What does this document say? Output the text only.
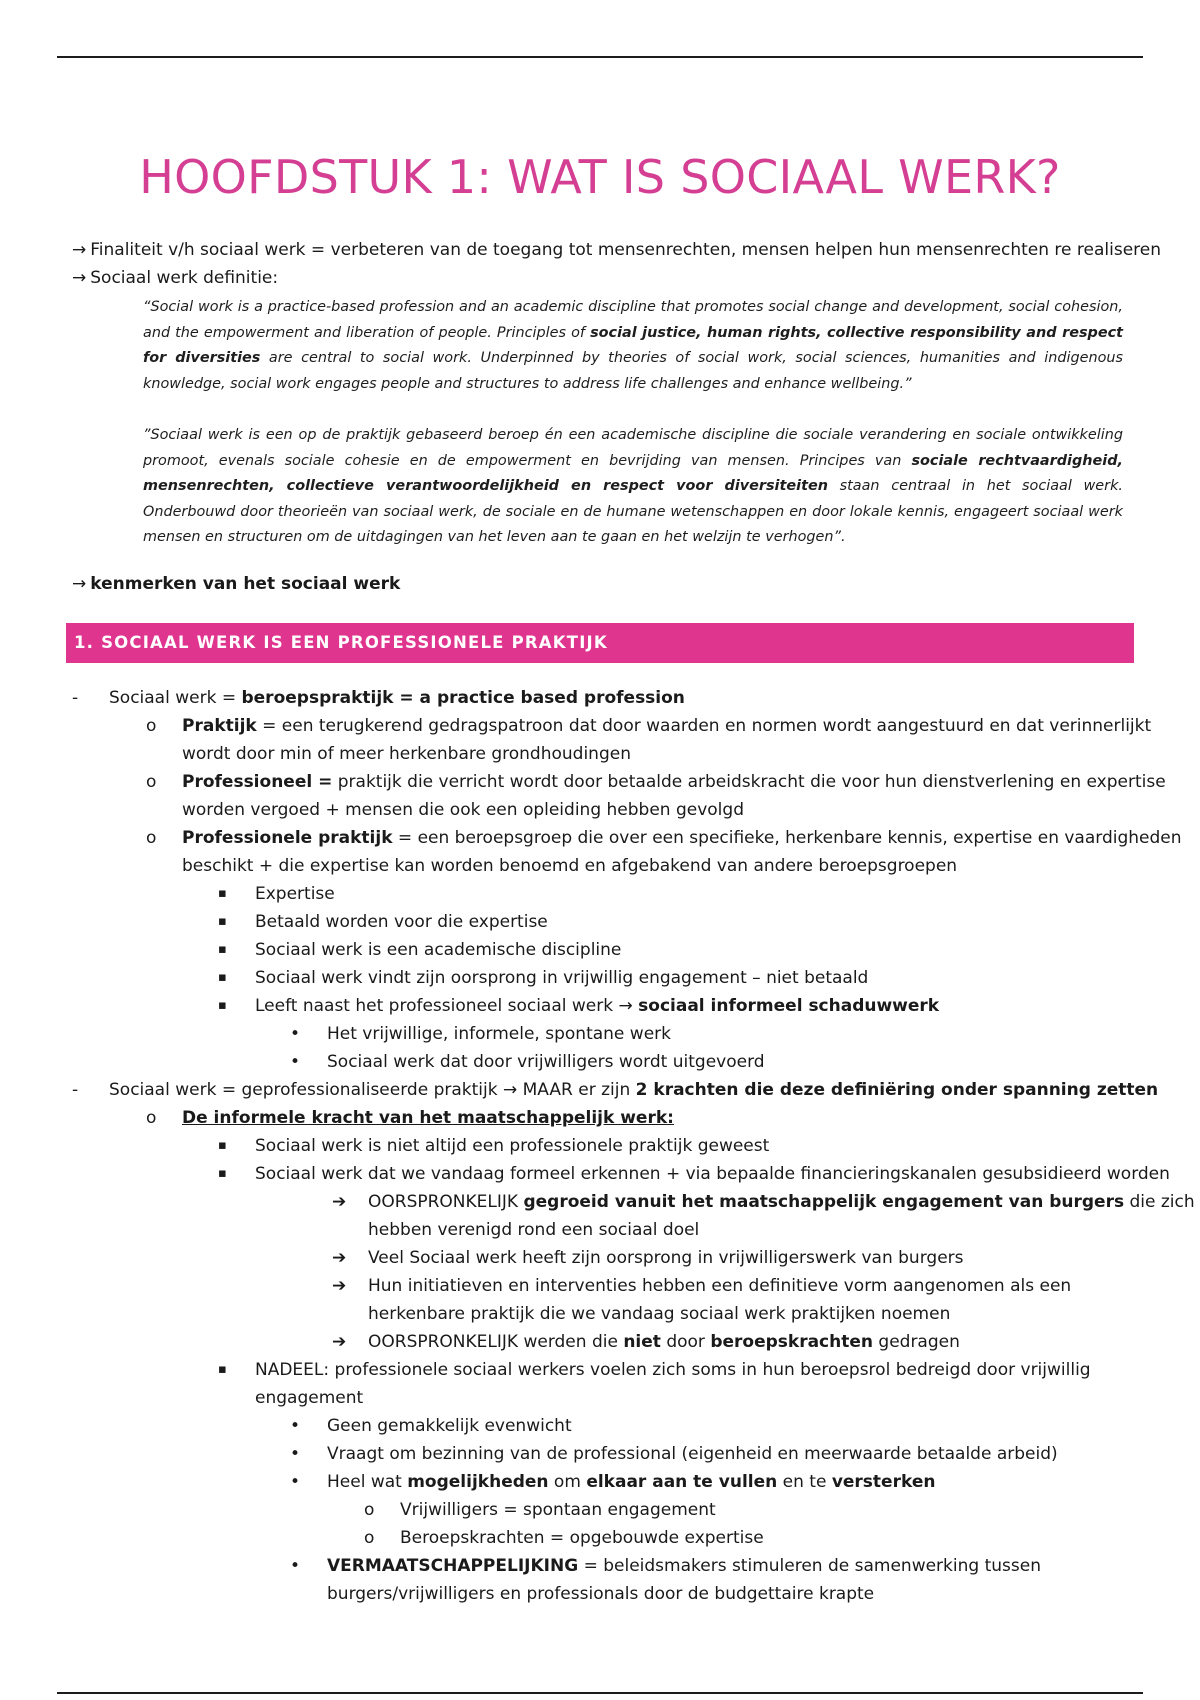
HOOFDSTUK 1: WAT IS SOCIAAL WERK?
→ Finaliteit v/h sociaal werk = verbeteren van de toegang tot mensenrechten, mensen helpen hun mensenrechten re realiseren
→ Sociaal werk definitie:
“Social work is a practice-based profession and an academic discipline that promotes social change and development, social cohesion, and the empowerment and liberation of people. Principles of social justice, human rights, collective responsibility and respect for diversities are central to social work. Underpinned by theories of social work, social sciences, humanities and indigenous knowledge, social work engages people and structures to address life challenges and enhance wellbeing.”
”Sociaal werk is een op de praktijk gebaseerd beroep én een academische discipline die sociale verandering en sociale ontwikkeling promoot, evenals sociale cohesie en de empowerment en bevrijding van mensen. Principes van sociale rechtvaardigheid, mensenrechten, collectieve verantwoordelijkheid en respect voor diversiteiten staan centraal in het sociaal werk. Onderbouwd door theorieën van sociaal werk, de sociale en de humane wetenschappen en door lokale kennis, engageert sociaal werk mensen en structuren om de uitdagingen van het leven aan te gaan en het welzijn te verhogen”.
→ kenmerken van het sociaal werk
1. SOCIAAL WERK IS EEN PROFESSIONELE PRAKTIJK
- Sociaal werk = beroepspraktijk = a practice based profession
o Praktijk = een terugkerend gedragspatroon dat door waarden en normen wordt aangestuurd en dat verinnerlijkt
wordt door min of meer herkenbare grondhoudingen
o Professioneel = praktijk die verricht wordt door betaalde arbeidskracht die voor hun dienstverlening en expertise
worden vergoed + mensen die ook een opleiding hebben gevolgd
o Professionele praktijk = een beroepsgroep die over een specifieke, herkenbare kennis, expertise en vaardigheden
beschikt + die expertise kan worden benoemd en afgebakend van andere beroepsgroepen
▪ Expertise
▪ Betaald worden voor die expertise
▪ Sociaal werk is een academische discipline
▪ Sociaal werk vindt zijn oorsprong in vrijwillig engagement – niet betaald
▪ Leeft naast het professioneel sociaal werk → sociaal informeel schaduwwerk
• Het vrijwillige, informele, spontane werk
• Sociaal werk dat door vrijwilligers wordt uitgevoerd
- Sociaal werk = geprofessionaliseerde praktijk → MAAR er zijn 2 krachten die deze definiëring onder spanning zetten
o De informele kracht van het maatschappelijk werk:
▪ Sociaal werk is niet altijd een professionele praktijk geweest
▪ Sociaal werk dat we vandaag formeel erkennen + via bepaalde financieringskanalen gesubsidieerd worden
➔ OORSPRONKELIJK gegroeid vanuit het maatschappelijk engagement van burgers die zich
hebben verenigd rond een sociaal doel
➔ Veel Sociaal werk heeft zijn oorsprong in vrijwilligerswerk van burgers
➔ Hun initiatieven en interventies hebben een definitieve vorm aangenomen als een
herkenbare praktijk die we vandaag sociaal werk praktijken noemen
➔ OORSPRONKELIJK werden die niet door beroepskrachten gedragen
▪ NADEEL: professionele sociaal werkers voelen zich soms in hun beroepsrol bedreigd door vrijwillig
engagement
• Geen gemakkelijk evenwicht
• Vraagt om bezinning van de professional (eigenheid en meerwaarde betaalde arbeid)
• Heel wat mogelijkheden om elkaar aan te vullen en te versterken
o Vrijwilligers = spontaan engagement
o Beroepskrachten = opgebouwde expertise
• VERMAATSCHAPPELIJKING = beleidsmakers stimuleren de samenwerking tussen
burgers/vrijwilligers en professionals door de budgettaire krapte
